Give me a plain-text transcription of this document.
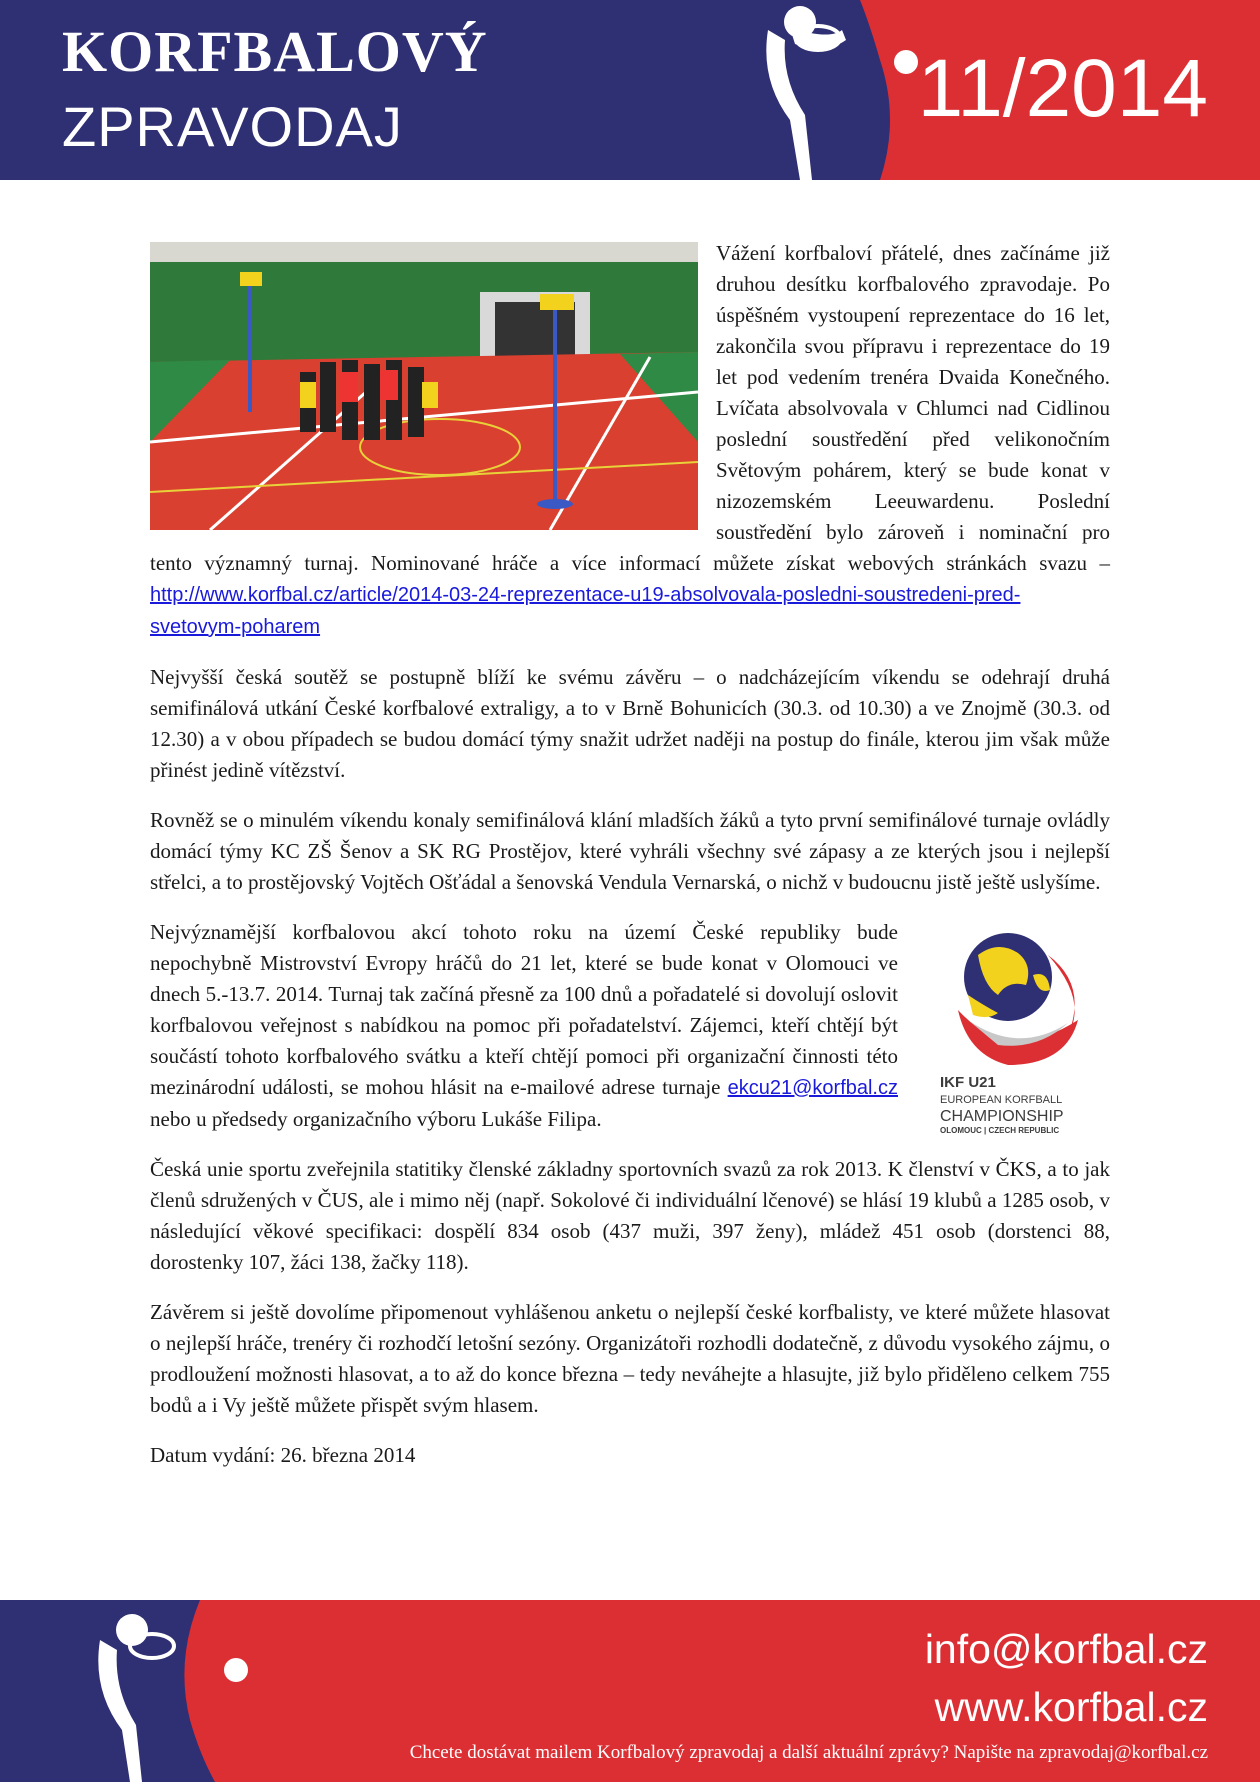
KORFBALOVÝ
ZPRAVODAJ	11/2014

Vážení korfbaloví přátelé, dnes začínáme již druhou desítku korfbalového zpravodaje. Po úspěšném vystoupení reprezentace do 16 let, zakončila svou přípravu i reprezentace do 19 let pod vedením trenéra Dvaida Konečného. Lvíčata absolvovala v Chlumci nad Cidlinou poslední soustředění před velikonočním Světovým pohárem, který se bude konat v nizozemském Leeuwardenu. Poslední soustředění bylo zároveň i nominační pro tento významný turnaj. Nominované hráče a více informací můžete získat webových stránkách svazu – http://www.korfbal.cz/article/2014-03-24-reprezentace-u19-absolvovala-posledni-soustredeni-pred-svetovym-poharem

Nejvyšší česká soutěž se postupně blíží ke svému závěru – o nadcházejícím víkendu se odehrají druhá semifinálová utkání České korfbalové extraligy, a to v Brně Bohunicích (30.3. od 10.30) a ve Znojmě (30.3. od 12.30) a v obou případech se budou domácí týmy snažit udržet naději na postup do finále, kterou jim však může přinést jedině vítězství.

Rovněž se o minulém víkendu konaly semifinálová klání mladších žáků a tyto první semifinálové turnaje ovládly domácí týmy KC ZŠ Šenov a SK RG Prostějov, které vyhráli všechny své zápasy a ze kterých jsou i nejlepší střelci, a to prostějovský Vojtěch Ošťádal a šenovská Vendula Vernarská, o nichž v budoucnu jistě ještě uslyšíme.

IKF U21
EUROPEAN KORFBALL
CHAMPIONSHIP
OLOMOUC | CZECH REPUBLIC
Nejvýznamější korfbalovou akcí tohoto roku na území České republiky bude nepochybně Mistrovství Evropy hráčů do 21 let, které se bude konat v Olomouci ve dnech 5.-13.7. 2014. Turnaj tak začíná přesně za 100 dnů a pořadatelé si dovolují oslovit korfbalovou veřejnost s nabídkou na pomoc při pořadatelství. Zájemci, kteří chtějí být součástí tohoto korfbalového svátku a kteří chtějí pomoci při organizační činnosti této mezinárodní události, se mohou hlásit na e-mailové adrese turnaje ekcu21@korfbal.cz nebo u předsedy organizačního výboru Lukáše Filipa.

Česká unie sportu zveřejnila statitiky členské základny sportovních svazů za rok 2013. K členství v ČKS, a to jak členů sdružených v ČUS, ale i mimo něj (např. Sokolové či individuální lčenové) se hlásí 19 klubů a 1285 osob, v následující věkové specifikaci: dospělí 834 osob (437 muži, 397 ženy), mládež 451 osob (dorstenci 88, dorostenky 107, žáci 138, žačky 118).

Závěrem si ještě dovolíme připomenout vyhlášenou anketu o nejlepší české korfbalisty, ve které můžete hlasovat o nejlepší hráče, trenéry či rozhodčí letošní sezóny. Organizátoři rozhodli dodatečně, z důvodu vysokého zájmu, o prodloužení možnosti hlasovat, a to až do konce března – tedy neváhejte a hlasujte, již bylo přiděleno celkem 755 bodů a i Vy ještě můžete přispět svým hlasem.

Datum vydání: 26. března 2014

info@korfbal.cz
www.korfbal.cz
Chcete dostávat mailem Korfbalový zpravodaj a další aktuální zprávy? Napište na zpravodaj@korfbal.cz
